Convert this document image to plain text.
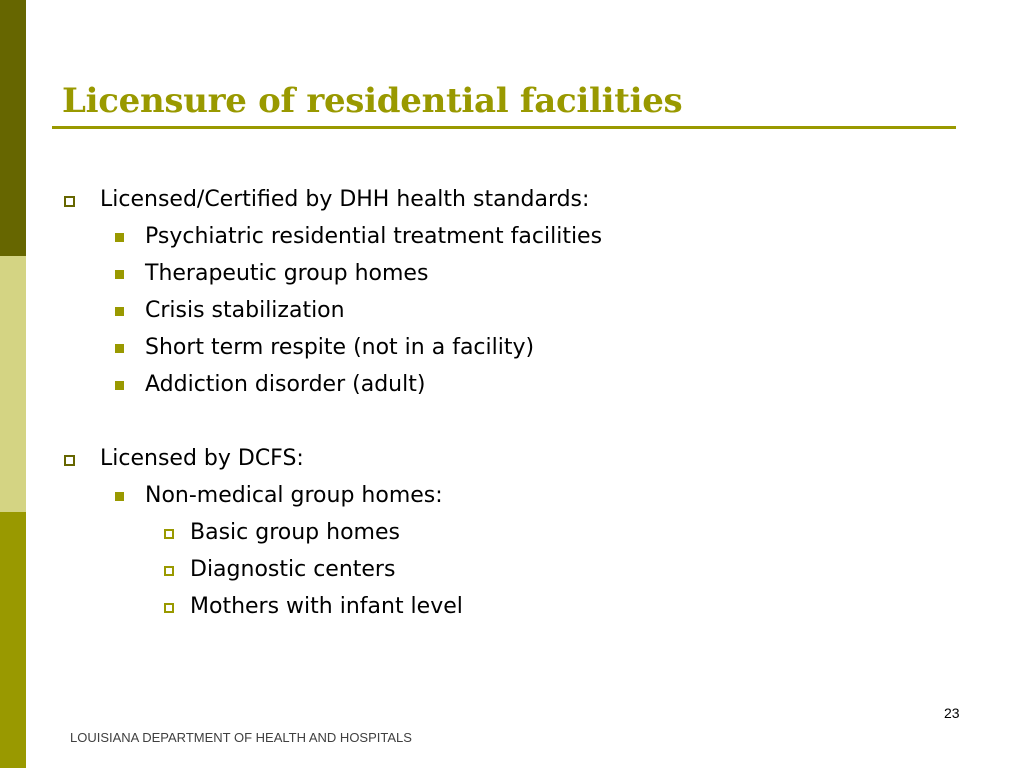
Licensure of residential facilities
Licensed/Certified by DHH health standards:
Psychiatric residential treatment facilities
Therapeutic group homes
Crisis stabilization
Short term respite (not in a facility)
Addiction disorder (adult)
Licensed by DCFS:
Non-medical group homes:
Basic group homes
Diagnostic centers
Mothers with infant level
23
LOUISIANA DEPARTMENT OF HEALTH AND HOSPITALS
